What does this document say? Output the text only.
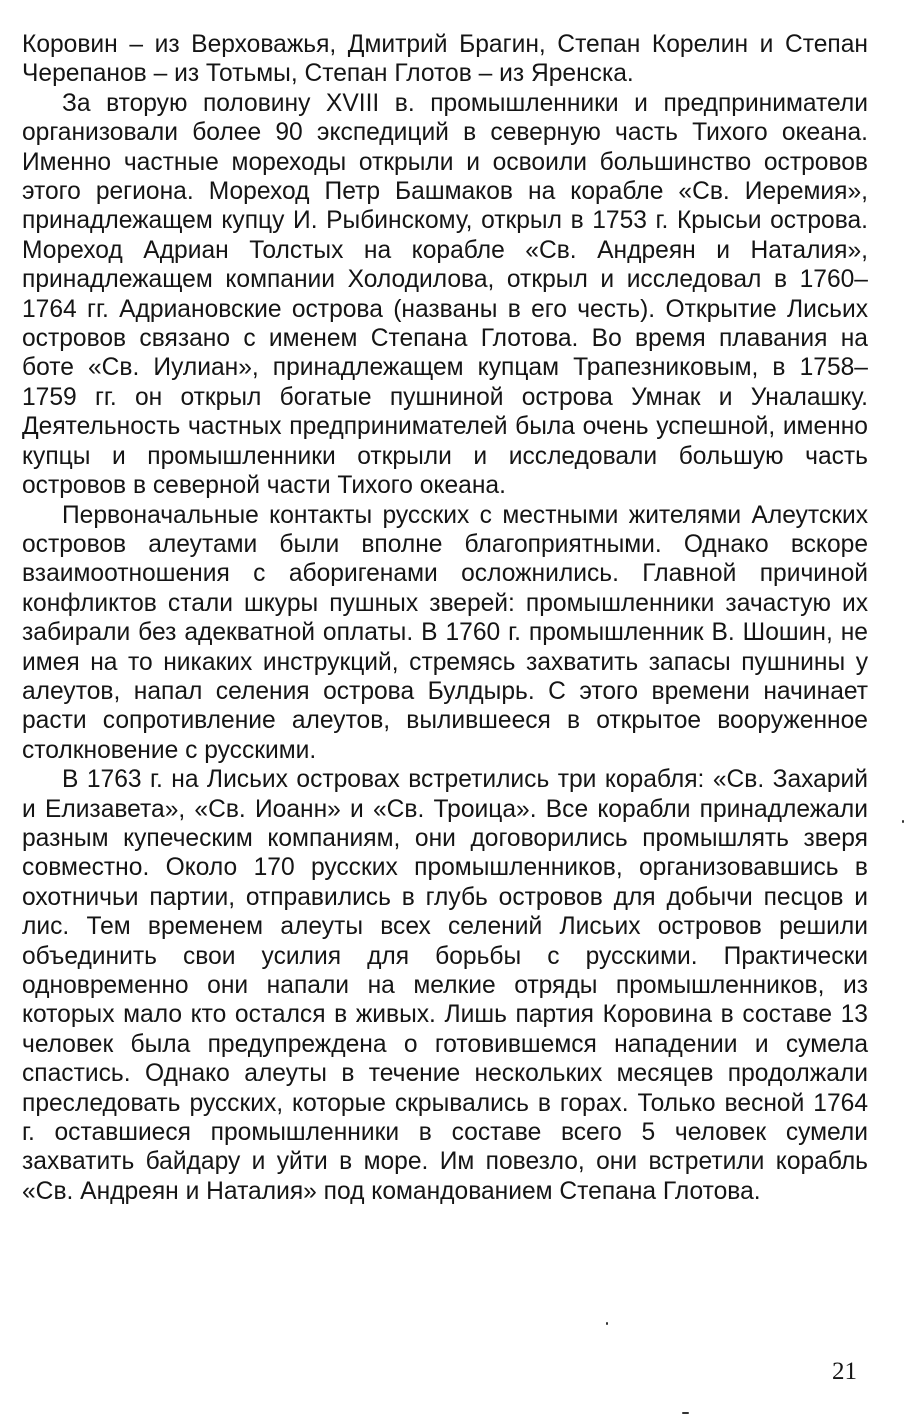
Коровин – из Верховажья, Дмитрий Брагин, Степан Корелин и Степан Черепанов – из Тотьмы, Степан Глотов – из Яренска.

За вторую половину XVIII в. промышленники и предприниматели организовали более 90 экспедиций в северную часть Тихого океана. Именно частные мореходы открыли и освоили большинство островов этого региона. Мореход Петр Башмаков на корабле «Св. Иеремия», принадлежащем купцу И. Рыбинскому, открыл в 1753 г. Крысьи острова. Мореход Адриан Толстых на корабле «Св. Андреян и Наталия», принадлежащем компании Холодилова, открыл и исследовал в 1760–1764 гг. Адриановские острова (названы в его честь). Открытие Лисьих островов связано с именем Степана Глотова. Во время плавания на боте «Св. Иулиан», принадлежащем купцам Трапезниковым, в 1758–1759 гг. он открыл богатые пушниной острова Умнак и Уналашку. Деятельность частных предпринимателей была очень успешной, именно купцы и промышленники открыли и исследовали большую часть островов в северной части Тихого океана.

Первоначальные контакты русских с местными жителями Алеутских островов алеутами были вполне благоприятными. Однако вскоре взаимоотношения с аборигенами осложнились. Главной причиной конфликтов стали шкуры пушных зверей: промышленники зачастую их забирали без адекватной оплаты. В 1760 г. промышленник В. Шошин, не имея на то никаких инструкций, стремясь захватить запасы пушнины у алеутов, напал селения острова Булдырь. С этого времени начинает расти сопротивление алеутов, вылившееся в открытое вооруженное столкновение с русскими.

В 1763 г. на Лисьих островах встретились три корабля: «Св. Захарий и Елизавета», «Св. Иоанн» и «Св. Троица». Все корабли принадлежали разным купеческим компаниям, они договорились промышлять зверя совместно. Около 170 русских промышленников, организовавшись в охотничьи партии, отправились в глубь островов для добычи песцов и лис. Тем временем алеуты всех селений Лисьих островов решили объединить свои усилия для борьбы с русскими. Практически одновременно они напали на мелкие отряды промышленников, из которых мало кто остался в живых. Лишь партия Коровина в составе 13 человек была предупреждена о готовившемся нападении и сумела спастись. Однако алеуты в течение нескольких месяцев продолжали преследовать русских, которые скрывались в горах. Только весной 1764 г. оставшиеся промышленники в составе всего 5 человек сумели захватить байдару и уйти в море. Им повезло, они встретили корабль «Св. Андреян и Наталия» под командованием Степана Глотова.

21
